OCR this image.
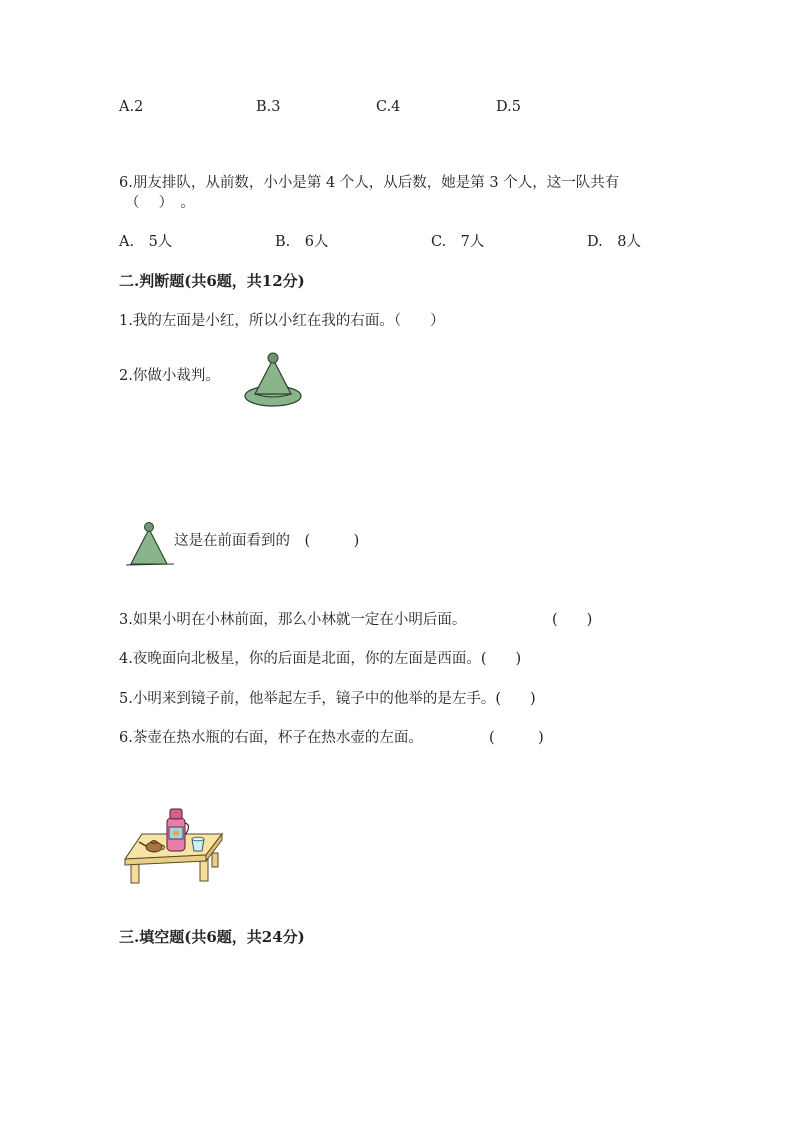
A.2	B.3	C.4	D.5
6.朋友排队，从前数，小小是第 4 个人，从后数，她是第 3 个人，这一队共有
（　 ）　。
A.　5人	B.　6人	C.　7人	D.　8人
二.判断题(共6题，共12分)
1.我的左面是小红，所以小红在我的右面。（　　）
2.你做小裁判。
这是在前面看到的　(　　　)
3.如果小明在小林前面，那么小林就一定在小明后面。	(　　)
4.夜晚面向北极星，你的后面是北面，你的左面是西面。(　　)
5.小明来到镜子前，他举起左手，镜子中的他举的是左手。(　　)
6.茶壶在热水瓶的右面，杯子在热水壶的左面。	(　　　)
三.填空题(共6题，共24分)
